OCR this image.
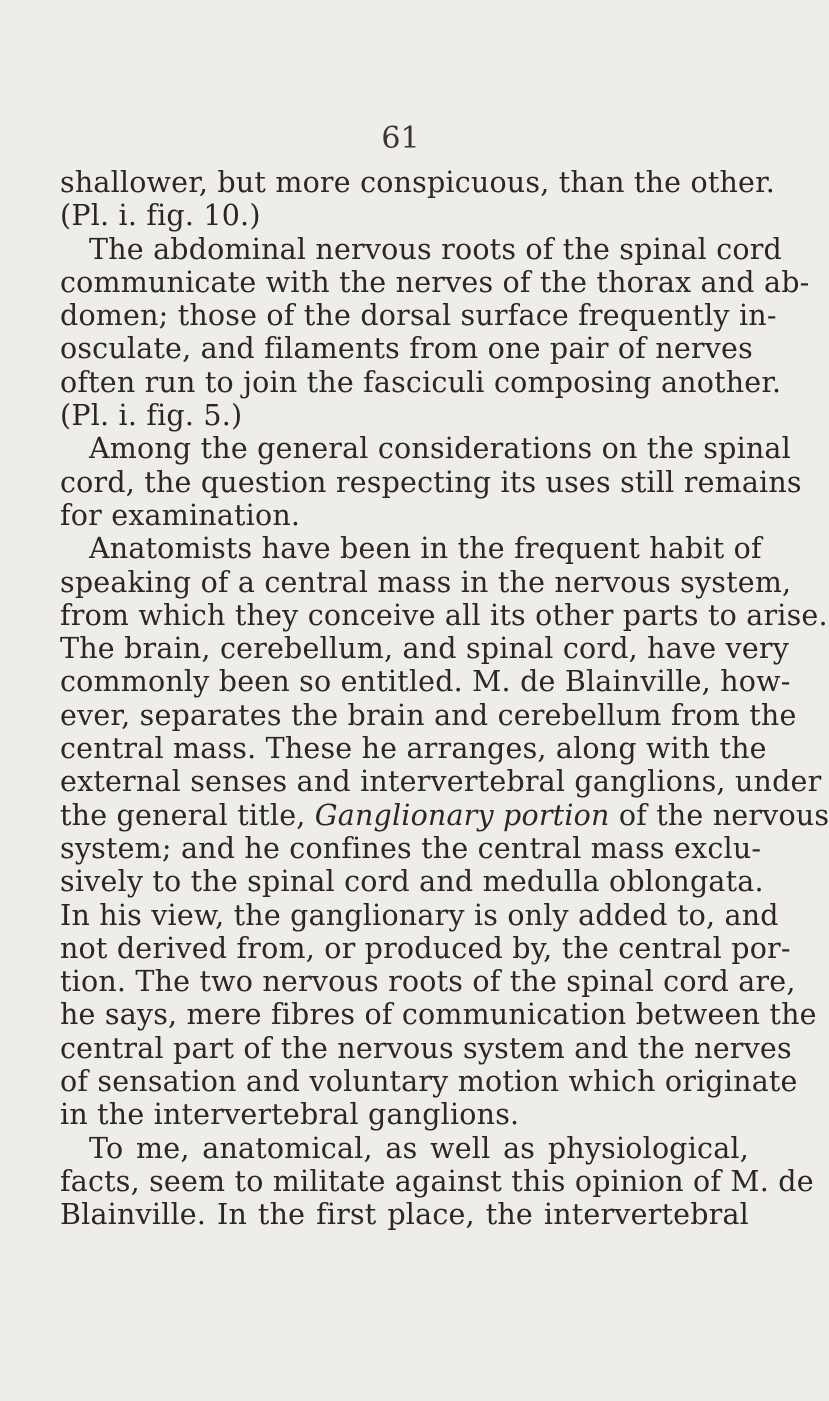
61
shallower, but more conspicuous, than the other.
(Pl. i. fig. 10.)
The abdominal nervous roots of the spinal cord
communicate with the nerves of the thorax and ab-
domen; those of the dorsal surface frequently in-
osculate, and filaments from one pair of nerves
often run to join the fasciculi composing another.
(Pl. i. fig. 5.)
Among the general considerations on the spinal
cord, the question respecting its uses still remains
for examination.
Anatomists have been in the frequent habit of
speaking of a central mass in the nervous system,
from which they conceive all its other parts to arise.
The brain, cerebellum, and spinal cord, have very
commonly been so entitled. M. de Blainville, how-
ever, separates the brain and cerebellum from the
central mass. These he arranges, along with the
external senses and intervertebral ganglions, under
the general title, Ganglionary portion of the nervous
system; and he confines the central mass exclu-
sively to the spinal cord and medulla oblongata.
In his view, the ganglionary is only added to, and
not derived from, or produced by, the central por-
tion. The two nervous roots of the spinal cord are,
he says, mere fibres of communication between the
central part of the nervous system and the nerves
of sensation and voluntary motion which originate
in the intervertebral ganglions.
To me, anatomical, as well as physiological,
facts, seem to militate against this opinion of M. de
Blainville. In the first place, the intervertebral
